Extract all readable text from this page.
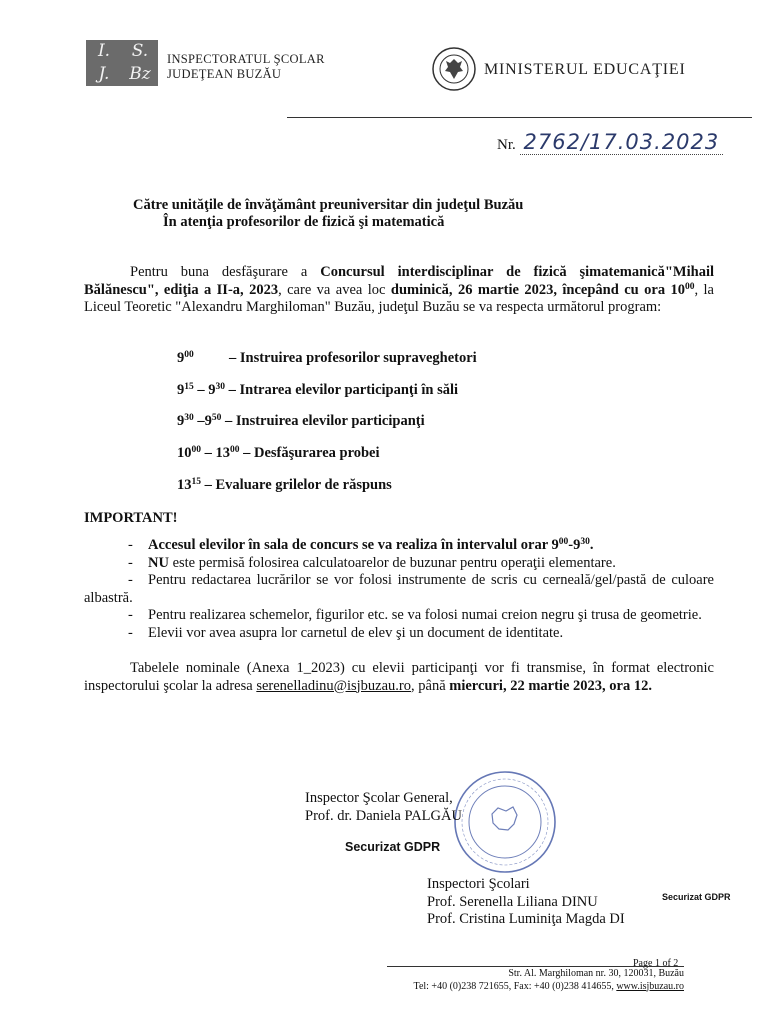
I.	S.
J.	Bz
INSPECTORATUL ŞCOLAR
JUDEŢEAN BUZĂU	MINISTERUL EDUCAŢIEI
Nr. 2762/17.03.2023
Către unităţile de învăţământ preuniversitar din judeţul Buzău
În atenţia profesorilor de fizică şi matematică
Pentru buna desfăşurare a Concursul interdisciplinar de fizică şimatemanică"Mihail Bălănescu", ediţia a II-a, 2023, care va avea loc duminică, 26 martie 2023, începând cu ora $10^{00}$, la Liceul Teoretic "Alexandru Marghiloman" Buzău, judeţul Buzău se va respecta următorul program:
$9^{00}$ – Instruirea profesorilor supraveghetori
$9^{15} - 9^{30}$ – Intrarea elevilor participanţi în săli
$9^{30}$ $-9^{50}$ – Instruirea elevilor participanţi
$10^{00} - 13^{00}$ – Desfăşurarea probei
$13^{15}$ – Evaluare grilelor de răspuns
IMPORTANT!
- Accesul elevilor în sala de concurs se va realiza în intervalul orar $9^{00}-9^{30}$.
- NU este permisă folosirea calculatoarelor de buzunar pentru operaţii elementare.
- Pentru redactarea lucrărilor se vor folosi instrumente de scris cu cerneală/gel/pastă de culoare albastră.
- Pentru realizarea schemelor, figurilor etc. se va folosi numai creion negru şi trusa de geometrie.
- Elevii vor avea asupra lor carnetul de elev şi un document de identitate.
Tabelele nominale (Anexa 1_2023) cu elevii participanţi vor fi transmise, în format electronic inspectorului şcolar la adresa serenelladinu@isjbuzau.ro, până miercuri, 22 martie 2023, ora 12.
Inspector Şcolar General,
Prof. dr. Daniela PALGĂU
Securizat GDPR
Inspectori Şcolari
Prof. Serenella Liliana DINU
Prof. Cristina Luminiţa Magda DI
Securizat GDPR
Page 1 of 2
Str. Al. Marghiloman nr. 30, 120031, Buzău
Tel: +40 (0)238 721655, Fax: +40 (0)238 414655, www.isjbuzau.ro
